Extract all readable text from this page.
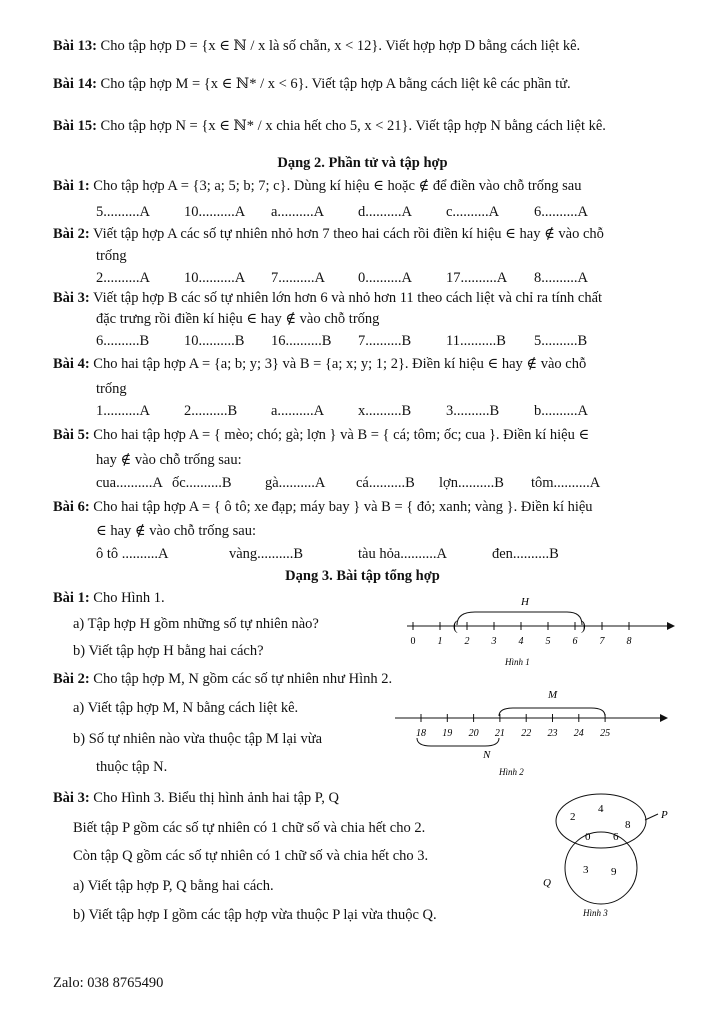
Bài 13: Cho tập hợp D = {x ∈ ℕ / x là số chẵn, x < 12}. Viết hợp hợp D bằng cách liệt kê.
Bài 14: Cho tập hợp M = {x ∈ ℕ* / x < 6}. Viết tập hợp A bằng cách liệt kê các phần tử.
Bài 15: Cho tập hợp N = {x ∈ ℕ* / x chia hết cho 5, x < 21}. Viết tập hợp N bằng cách liệt kê.
Dạng 2. Phần tử và tập hợp
Bài 1: Cho tập hợp A = {3; a; 5; b; 7; c}. Dùng kí hiệu ∈ hoặc ∉ để điền vào chỗ trống sau
5..........A 10..........A a..........A d..........A c..........A 6..........A
Bài 2: Viết tập hợp A các số tự nhiên nhỏ hơn 7 theo hai cách rồi điền kí hiệu ∈ hay ∉ vào chỗ
trống
2..........A 10..........A 7..........A 0..........A 17..........A 8..........A
Bài 3: Viết tập hợp B các số tự nhiên lớn hơn 6 và nhỏ hơn 11 theo cách liệt và chỉ ra tính chất
đặc trưng rồi điền kí hiệu ∈ hay ∉ vào chỗ trống
6..........B 10..........B 16..........B 7..........B 11..........B 5..........B
Bài 4: Cho hai tập hợp A = {a; b; y; 3} và B = {a; x; y; 1; 2}. Điền kí hiệu ∈ hay ∉ vào chỗ
trống
1..........A 2..........B a..........A x..........B 3..........B b..........A
Bài 5: Cho hai tập hợp A = { mèo; chó; gà; lợn } và B = { cá; tôm; ốc; cua }. Điền kí hiệu ∈
hay ∉ vào chỗ trống sau:
cua..........A ốc..........B gà..........A cá..........B lợn..........B tôm..........A
Bài 6: Cho hai tập hợp A = { ô tô; xe đạp; máy bay } và B = { đỏ; xanh; vàng }. Điền kí hiệu
∈ hay ∉ vào chỗ trống sau:
ô tô ..........A	vàng..........B	tàu hỏa..........A	đen..........B
Dạng 3. Bài tập tổng hợp
Bài 1: Cho Hình 1.
a) Tập hợp H gồm những số tự nhiên nào?
b) Viết tập hợp H bằng hai cách?
Bài 2: Cho tập hợp M, N gồm các số tự nhiên như Hình 2.
a) Viết tập hợp M, N bằng cách liệt kê.
b) Số tự nhiên nào vừa thuộc tập M lại vừa
thuộc tập N.
Bài 3: Cho Hình 3. Biểu thị hình ảnh hai tập P, Q
Biết tập P gồm các số tự nhiên có 1 chữ số và chia hết cho 2.
Còn tập Q gồm các số tự nhiên có 1 chữ số và chia hết cho 3.
a) Viết tập hợp P, Q bằng hai cách.
b) Viết tập hợp I gồm các tập hợp vừa thuộc P lại vừa thuộc Q.
H
(	)
0 1 2 3 4 5 6 7 8
Hình 1
M
18 19 20 21 22 23 24 25
N
Hình 2
P
Q
4
2
8
0 6
3 9
Hình 3
Zalo: 038 8765490
